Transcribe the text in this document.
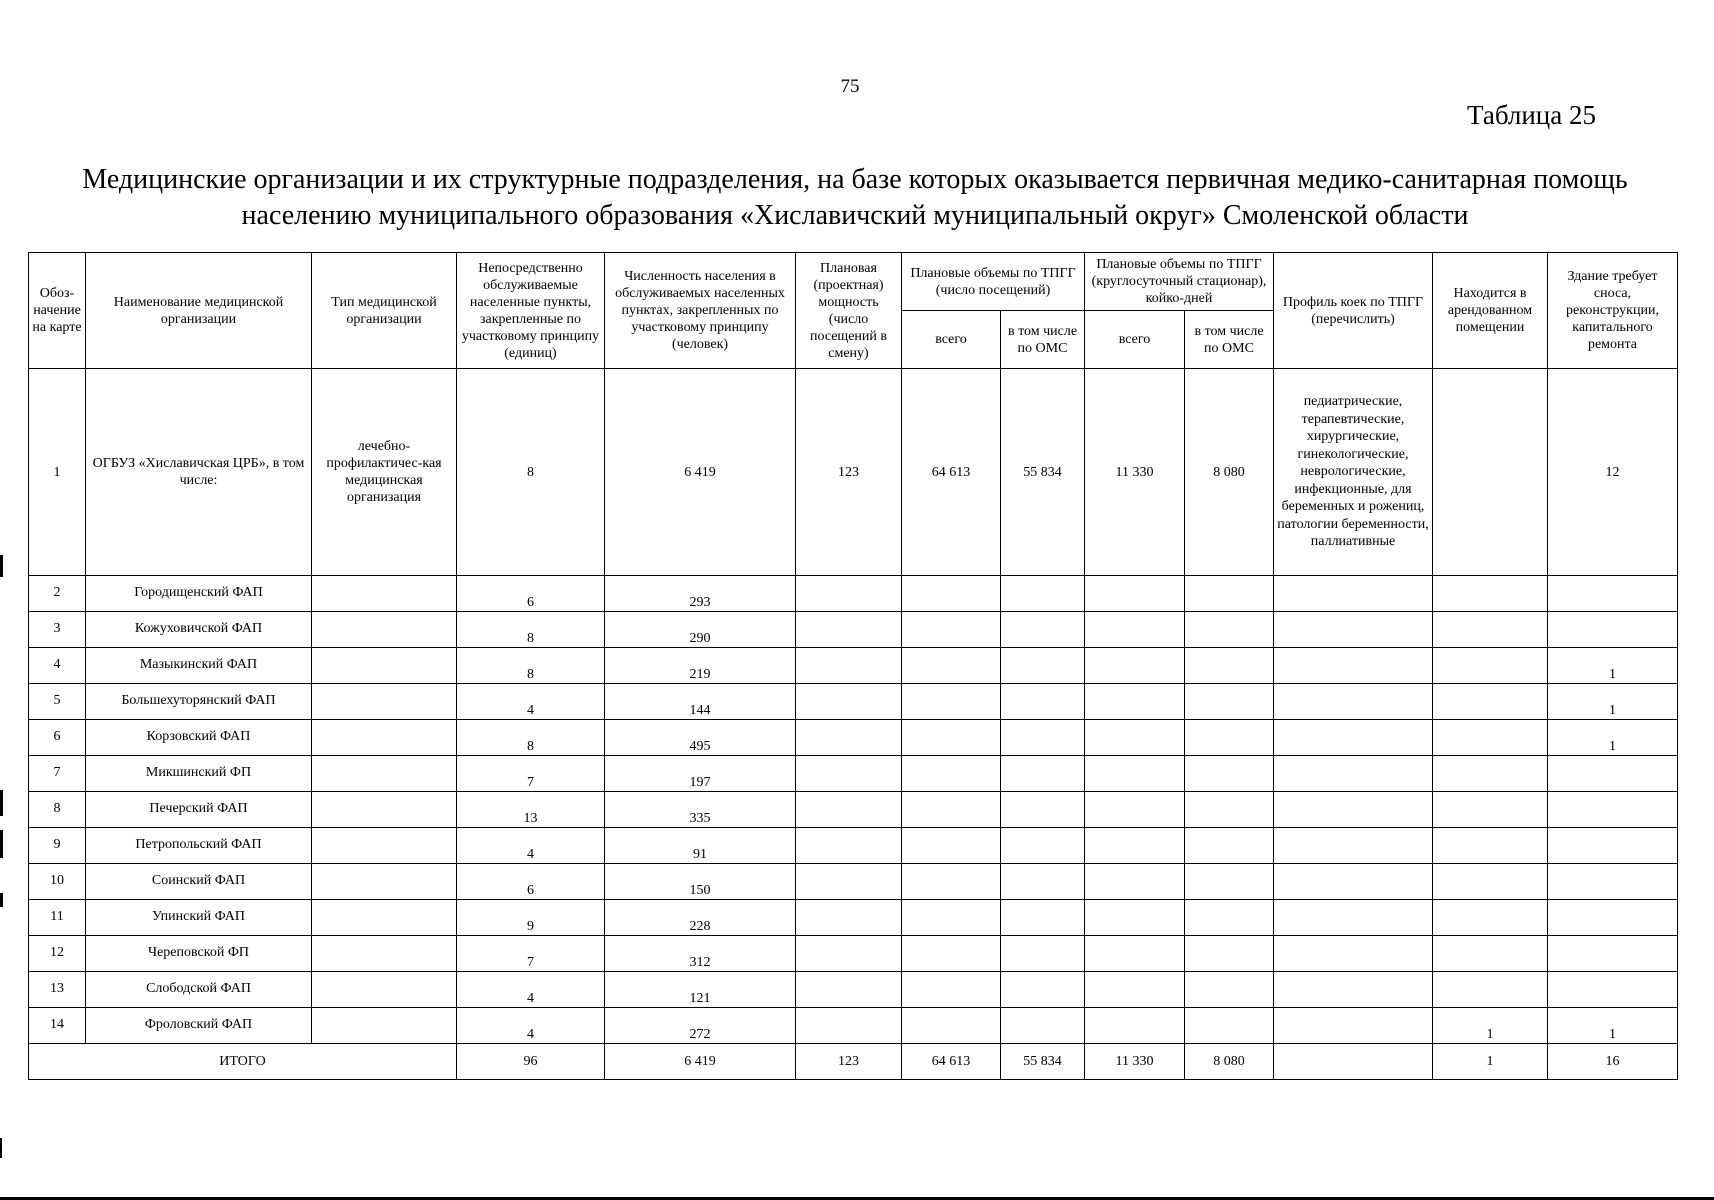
75
Таблица 25
Медицинские организации и их структурные подразделения, на базе которых оказывается первичная медико-санитарная помощь
населению муниципального образования «Хиславичский муниципальный округ» Смоленской области
Обоз-начение на карте	Наименование медицинской организации	Тип медицинской организации	Непосредственно обслуживаемые населенные пункты, закрепленные по участковому принципу (единиц)	Численность населения в обслуживаемых населенных пунктах, закрепленных по участковому принципу (человек)	Плановая (проектная) мощность (число посещений в смену)	Плановые объемы по ТПГГ (число посещений)		Плановые объемы по ТПГГ (круглосуточный стационар), койко-дней		Профиль коек по ТПГГ (перечислить)	Находится в арендованном помещении	Здание требует сноса, реконструкции, капитального ремонта
						всего	в том числе по ОМС	всего	в том числе по ОМС			
1	ОГБУЗ «Хиславичская ЦРБ», в том числе:	лечебно-профилактичес-кая медицинская организация	8	6 419	123	64 613	55 834	11 330	8 080	педиатрические, терапевтические, хирургические, гинекологические, неврологические, инфекционные, для беременных и рожениц, патологии беременности, паллиативные		12
2	Городищенский ФАП		6	293								
3	Кожуховичской ФАП		8	290								
4	Мазыкинский ФАП		8	219								1
5	Большехуторянский ФАП		4	144								1
6	Корзовский ФАП		8	495								1
7	Микшинский ФП		7	197								
8	Печерский ФАП		13	335								
9	Петропольский ФАП		4	91								
10	Соинский ФАП		6	150								
11	Упинский ФАП		9	228								
12	Череповской ФП		7	312								
13	Слободской ФАП		4	121								
14	Фроловский ФАП		4	272							1	1
ИТОГО			96	6 419	123	64 613	55 834	11 330	8 080		1	16
